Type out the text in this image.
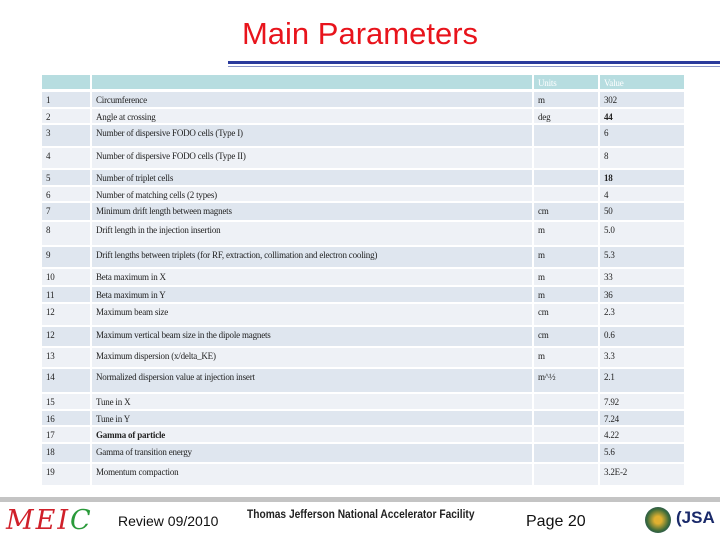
Main Parameters
Units	Value
1	Circumference	m	302
2	Angle at crossing	deg	44
3	Number of dispersive FODO cells (Type I)	6
4	Number of dispersive FODO cells (Type II)	8
5	Number of triplet cells	18
6	Number of matching cells (2 types)	4
7	Minimum drift length between magnets	cm	50
8	Drift length in the injection insertion	m	5.0
9	Drift lengths between triplets (for RF, extraction, collimation and electron cooling)	m	5.3
10	Beta maximum in X	m	33
11	Beta maximum in Y	m	36
12	Maximum beam size	cm	2.3
12	Maximum vertical beam size in the dipole magnets	cm	0.6
13	Maximum dispersion (x/delta_KE)	m	3.3
14	Normalized dispersion value at injection insert	m^½	2.1
15	Tune in X	7.92
16	Tune in Y	7.24
17	Gamma of particle	4.22
18	Gamma of transition energy	5.6
19	Momentum compaction	3.2E-2
MEIC Review 09/2010 Thomas Jefferson National Accelerator Facility	Page 20	(JSA
